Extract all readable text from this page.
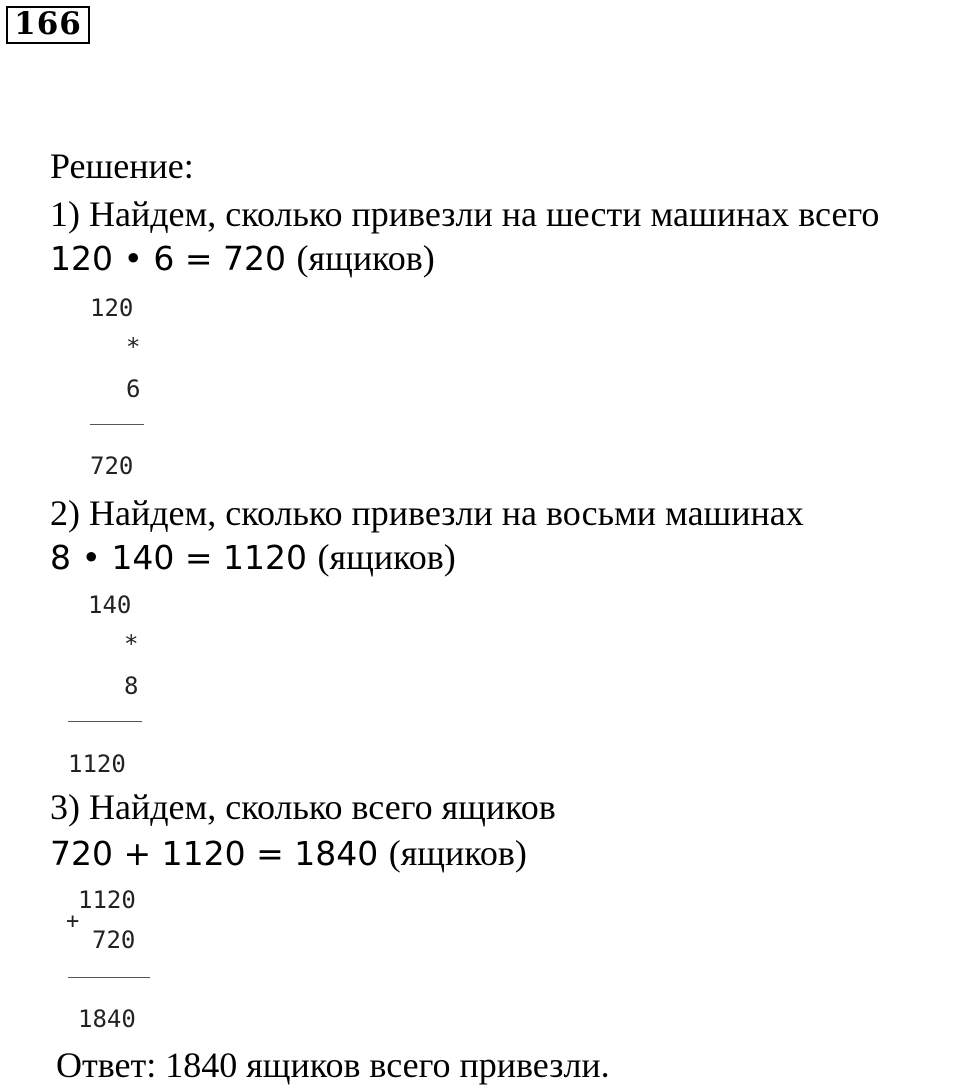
166
Решение:
1) Найдем, сколько привезли на шести машинах всего
120 • 6 = 720 (ящиков)
120
*
6
720
2) Найдем, сколько привезли на восьми машинах
8 • 140 = 1120 (ящиков)
140
*
8
1120
3) Найдем, сколько всего ящиков
720 + 1120 = 1840 (ящиков)
1120
+
720
1840
Ответ: 1840 ящиков всего привезли.
